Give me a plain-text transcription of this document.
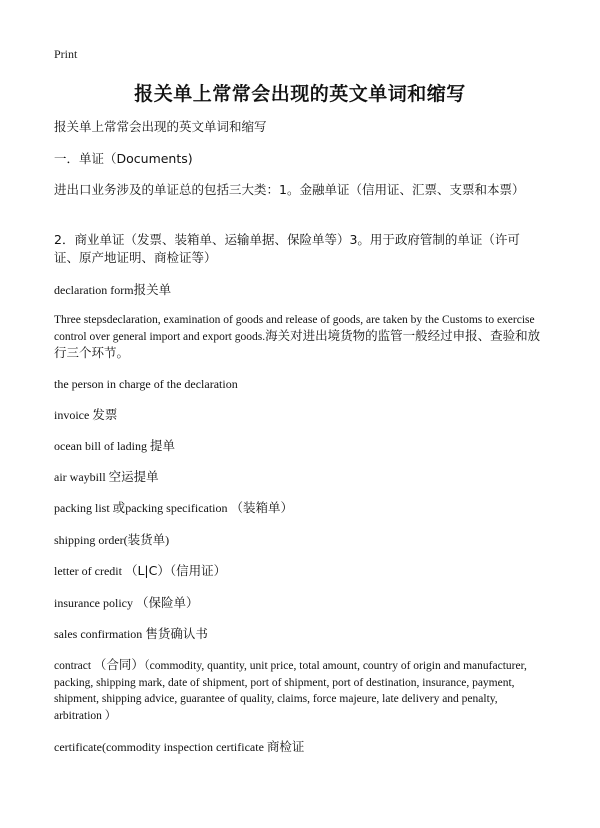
Print
报关单上常常会出现的英文单词和缩写

报关单上常常会出现的英文单词和缩写

一．单证（Documents)

进出口业务涉及的单证总的包括三大类：1。金融单证（信用证、汇票、支票和本票）

2．商业单证（发票、装箱单、运输单据、保险单等）3。用于政府管制的单证（许可证、原产地证明、商检证等）

declaration form报关单

Three stepsdeclaration, examination of goods and release of goods, are taken by the Customs to exercise control over general import and export goods.海关对进出境货物的监管一般经过申报、查验和放行三个环节。

the person in charge of the declaration

invoice 发票

ocean bill of lading 提单

air waybill 空运提单

packing list 或packing specification （装箱单）

shipping order(装货单)

letter of credit （L|C）（信用证）

insurance policy （保险单）

sales confirmation 售货确认书

contract （合同）（commodity, quantity, unit price, total amount, country of origin and manufacturer, packing, shipping mark, date of shipment, port of shipment, port of destination, insurance, payment, shipment, shipping advice, guarantee of quality, claims, force majeure, late delivery and penalty, arbitration ）

certificate(commodity inspection certificate 商检证
